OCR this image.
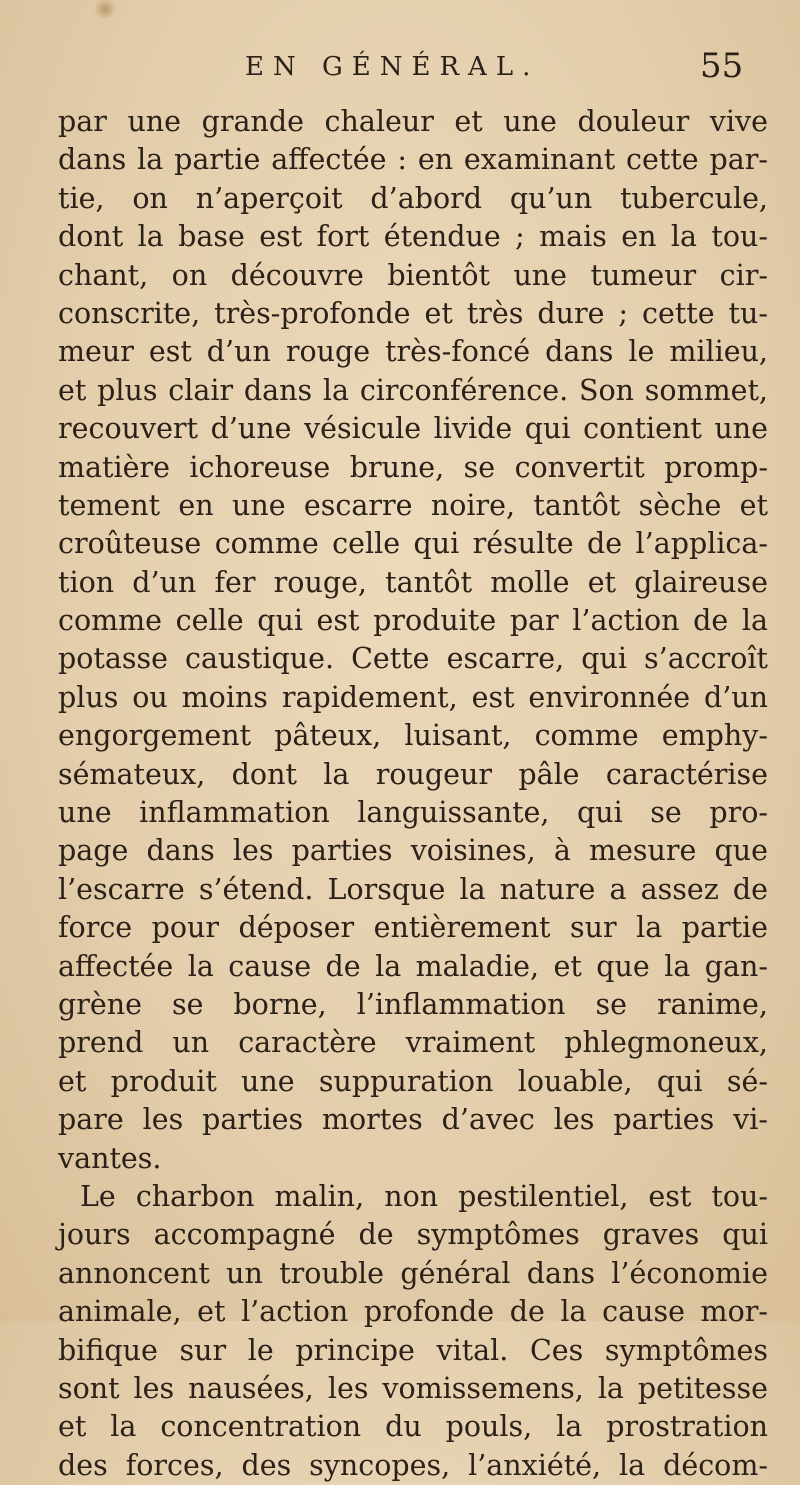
EN GÉNÉRAL.	55
par une grande chaleur et une douleur vive
dans la partie affectée : en examinant cette par-
tie, on n’aperçoit d’abord qu’un tubercule,
dont la base est fort étendue ; mais en la tou-
chant, on découvre bientôt une tumeur cir-
conscrite, très-profonde et très dure ; cette tu-
meur est d’un rouge très-foncé dans le milieu,
et plus clair dans la circonférence. Son sommet,
recouvert d’une vésicule livide qui contient une
matière ichoreuse brune, se convertit promp-
tement en une escarre noire, tantôt sèche et
croûteuse comme celle qui résulte de l’applica-
tion d’un fer rouge, tantôt molle et glaireuse
comme celle qui est produite par l’action de la
potasse caustique. Cette escarre, qui s’accroît
plus ou moins rapidement, est environnée d’un
engorgement pâteux, luisant, comme emphy-
sémateux, dont la rougeur pâle caractérise
une inflammation languissante, qui se pro-
page dans les parties voisines, à mesure que
l’escarre s’étend. Lorsque la nature a assez de
force pour déposer entièrement sur la partie
affectée la cause de la maladie, et que la gan-
grène se borne, l’inflammation se ranime,
prend un caractère vraiment phlegmoneux,
et produit une suppuration louable, qui sé-
pare les parties mortes d’avec les parties vi-
vantes.
Le charbon malin, non pestilentiel, est tou-
jours accompagné de symptômes graves qui
annoncent un trouble général dans l’économie
animale, et l’action profonde de la cause mor-
bifique sur le principe vital. Ces symptômes
sont les nausées, les vomissemens, la petitesse
et la concentration du pouls, la prostration
des forces, des syncopes, l’anxiété, la décom-
